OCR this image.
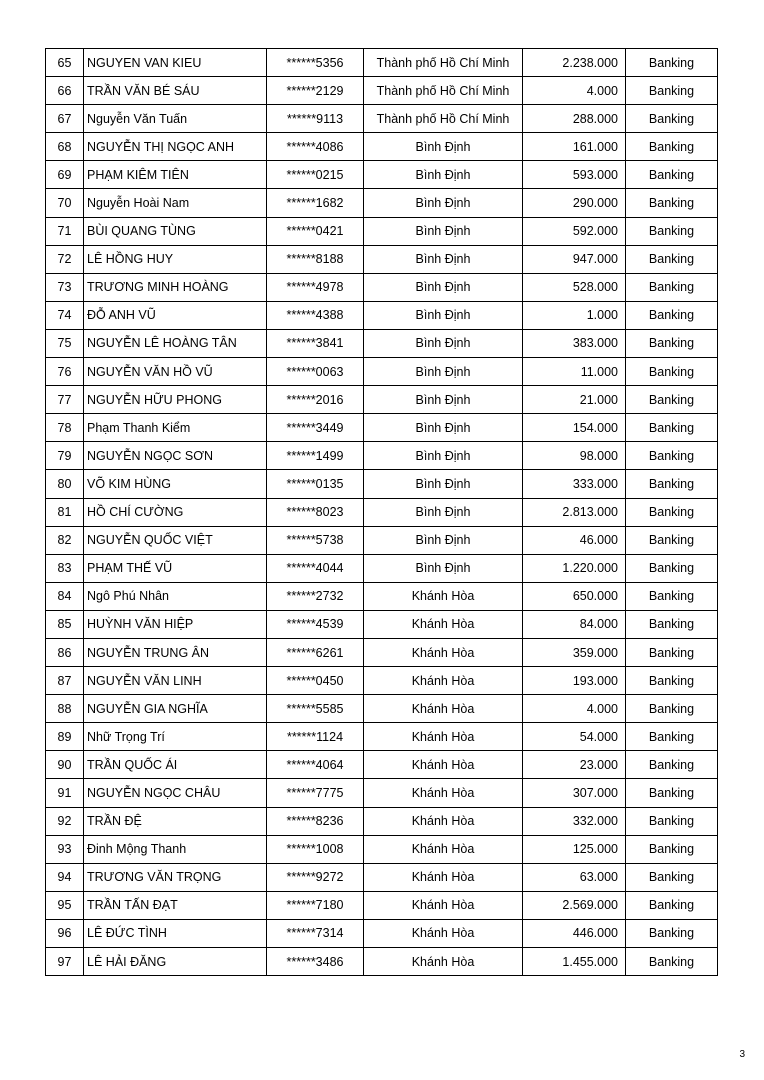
65	NGUYEN VAN KIEU	******5356	Thành phố Hồ Chí Minh	2.238.000	Banking
66	TRẦN VĂN BÉ SÁU	******2129	Thành phố Hồ Chí Minh	4.000	Banking
67	Nguyễn Văn Tuấn	******9113	Thành phố Hồ Chí Minh	288.000	Banking
68	NGUYỄN THỊ NGỌC ANH	******4086	Bình Định	161.000	Banking
69	PHẠM KIÊM TIÊN	******0215	Bình Định	593.000	Banking
70	Nguyễn Hoài Nam	******1682	Bình Định	290.000	Banking
71	BÙI QUANG TÙNG	******0421	Bình Định	592.000	Banking
72	LÊ HỒNG HUY	******8188	Bình Định	947.000	Banking
73	TRƯƠNG MINH HOÀNG	******4978	Bình Định	528.000	Banking
74	ĐỖ ANH VŨ	******4388	Bình Định	1.000	Banking
75	NGUYỄN LÊ HOÀNG TÂN	******3841	Bình Định	383.000	Banking
76	NGUYỄN VĂN HỒ VŨ	******0063	Bình Định	11.000	Banking
77	NGUYỄN HỮU PHONG	******2016	Bình Định	21.000	Banking
78	Phạm Thanh Kiểm	******3449	Bình Định	154.000	Banking
79	NGUYỄN NGỌC SƠN	******1499	Bình Định	98.000	Banking
80	VÕ KIM HÙNG	******0135	Bình Định	333.000	Banking
81	HỒ CHÍ CƯỜNG	******8023	Bình Định	2.813.000	Banking
82	NGUYỄN QUỐC VIỆT	******5738	Bình Định	46.000	Banking
83	PHẠM THẾ VŨ	******4044	Bình Định	1.220.000	Banking
84	Ngô Phú Nhân	******2732	Khánh Hòa	650.000	Banking
85	HUỲNH VĂN HIỆP	******4539	Khánh Hòa	84.000	Banking
86	NGUYỄN TRUNG ÂN	******6261	Khánh Hòa	359.000	Banking
87	NGUYỄN VĂN LINH	******0450	Khánh Hòa	193.000	Banking
88	NGUYỄN GIA NGHĨA	******5585	Khánh Hòa	4.000	Banking
89	Nhữ Trọng Trí	******1124	Khánh Hòa	54.000	Banking
90	TRẦN QUỐC ÁI	******4064	Khánh Hòa	23.000	Banking
91	NGUYỄN NGỌC CHÂU	******7775	Khánh Hòa	307.000	Banking
92	TRẦN ĐỆ	******8236	Khánh Hòa	332.000	Banking
93	Đinh Mộng Thanh	******1008	Khánh Hòa	125.000	Banking
94	TRƯƠNG VĂN TRỌNG	******9272	Khánh Hòa	63.000	Banking
95	TRẦN TẤN ĐẠT	******7180	Khánh Hòa	2.569.000	Banking
96	LÊ ĐỨC TÌNH	******7314	Khánh Hòa	446.000	Banking
97	LÊ HẢI ĐĂNG	******3486	Khánh Hòa	1.455.000	Banking
3
